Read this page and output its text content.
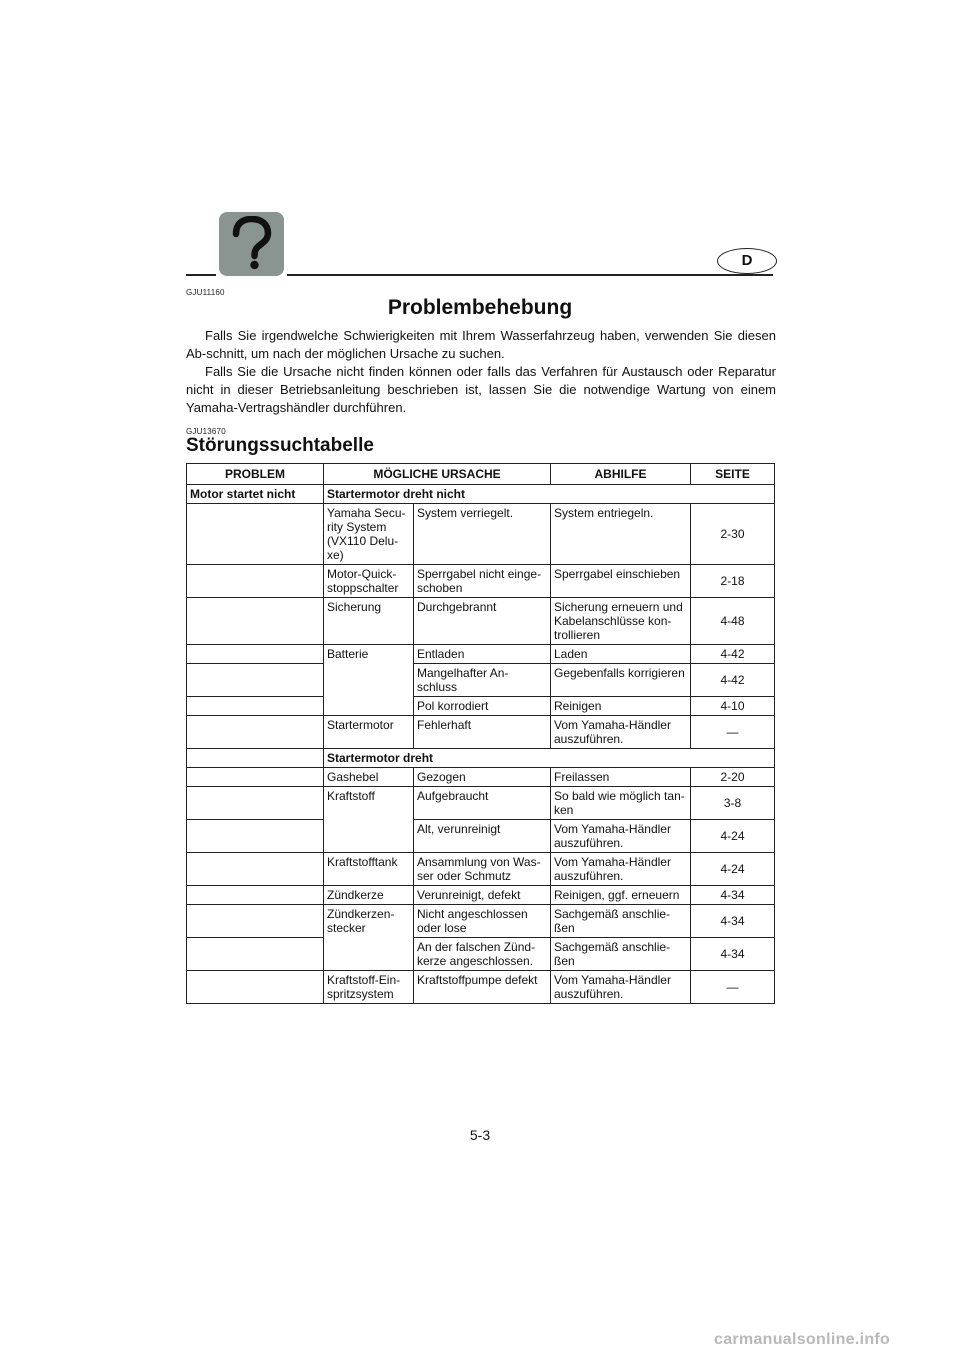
D
GJU11160
Problembehebung

Falls Sie irgendwelche Schwierigkeiten mit Ihrem Wasserfahrzeug haben, verwenden Sie diesen Ab-schnitt, um nach der möglichen Ursache zu suchen.

Falls Sie die Ursache nicht finden können oder falls das Verfahren für Austausch oder Reparatur nicht in dieser Betriebsanleitung beschrieben ist, lassen Sie die notwendige Wartung von einem Yamaha-Vertragshändler durchführen.

GJU13670
Störungssuchtabelle
PROBLEM	MÖGLICHE URSACHE		ABHILFE	SEITE
Motor startet nicht	Startermotor dreht nicht			
	Yamaha Secu-rity System (VX110 Delu-xe)	System verriegelt.	System entriegeln.	2-30
	Motor-Quick-stoppschalter	Sperrgabel nicht einge-schoben	Sperrgabel einschieben	2-18
	Sicherung	Durchgebrannt	Sicherung erneuern und Kabelanschlüsse kon-trollieren	4-48
	Batterie	Entladen	Laden	4-42
		Mangelhafter An-schluss	Gegebenfalls korrigieren	4-42
		Pol korrodiert	Reinigen	4-10
	Startermotor	Fehlerhaft	Vom Yamaha-Händler auszuführen.	—
	Startermotor dreht			
	Gashebel	Gezogen	Freilassen	2-20
	Kraftstoff	Aufgebraucht	So bald wie möglich tan-ken	3-8
		Alt, verunreinigt	Vom Yamaha-Händler auszuführen.	4-24
	Kraftstofftank	Ansammlung von Was-ser oder Schmutz	Vom Yamaha-Händler auszuführen.	4-24
	Zündkerze	Verunreinigt, defekt	Reinigen, ggf. erneuern	4-34
	Zündkerzen-stecker	Nicht angeschlossen oder lose	Sachgemäß anschlie-ßen	4-34
		An der falschen Zünd-kerze angeschlossen.	Sachgemäß anschlie-ßen	4-34
	Kraftstoff-Ein-spritzsystem	Kraftstoffpumpe defekt	Vom Yamaha-Händler auszuführen.	—
5-3
carmanualsonline.info
